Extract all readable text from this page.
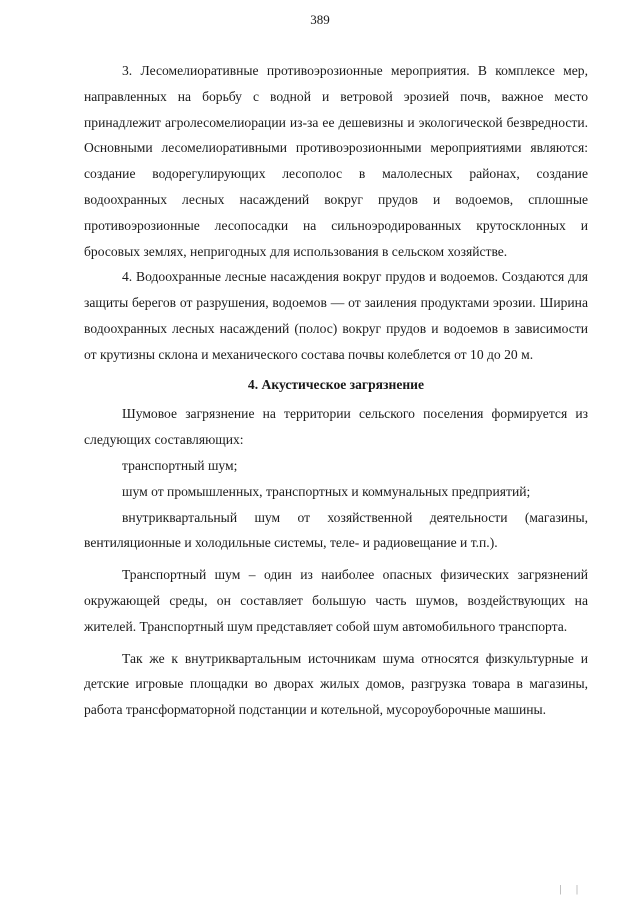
389

3. Лесомелиоративные противоэрозионные мероприятия. В комплексе мер, направленных на борьбу с водной и ветровой эрозией почв, важное место принадлежит агролесомелиорации из-за ее дешевизны и экологической безвредности. Основными лесомелиоративными противоэрозионными мероприятиями являются: создание водорегулирующих лесополос в малолесных районах, создание водоохранных лесных насаждений вокруг прудов и водоемов, сплошные противоэрозионные лесопосадки на сильноэродированных крутосклонных и бросовых землях, непригодных для использования в сельском хозяйстве.

4. Водоохранные лесные насаждения вокруг прудов и водоемов. Создаются для защиты берегов от разрушения, водоемов — от заиления продуктами эрозии. Ширина водоохранных лесных насаждений (полос) вокруг прудов и водоемов в зависимости от крутизны склона и механического состава почвы колеблется от 10 до 20 м.

4. Акустическое загрязнение

Шумовое загрязнение на территории сельского поселения формируется из следующих составляющих:

транспортный шум;

шум от промышленных, транспортных и коммунальных предприятий;

внутриквартальный шум от хозяйственной деятельности (магазины, вентиляционные и холодильные системы, теле- и радиовещание и т.п.).

Транспортный шум – один из наиболее опасных физических загрязнений окружающей среды, он составляет большую часть шумов, воздействующих на жителей. Транспортный шум представляет собой шум автомобильного транспорта.

Так же к внутриквартальным источникам шума относятся физкультурные и детские игровые площадки во дворах жилых домов, разгрузка товара в магазины, работа трансформаторной подстанции и котельной, мусороуборочные машины.

| |
